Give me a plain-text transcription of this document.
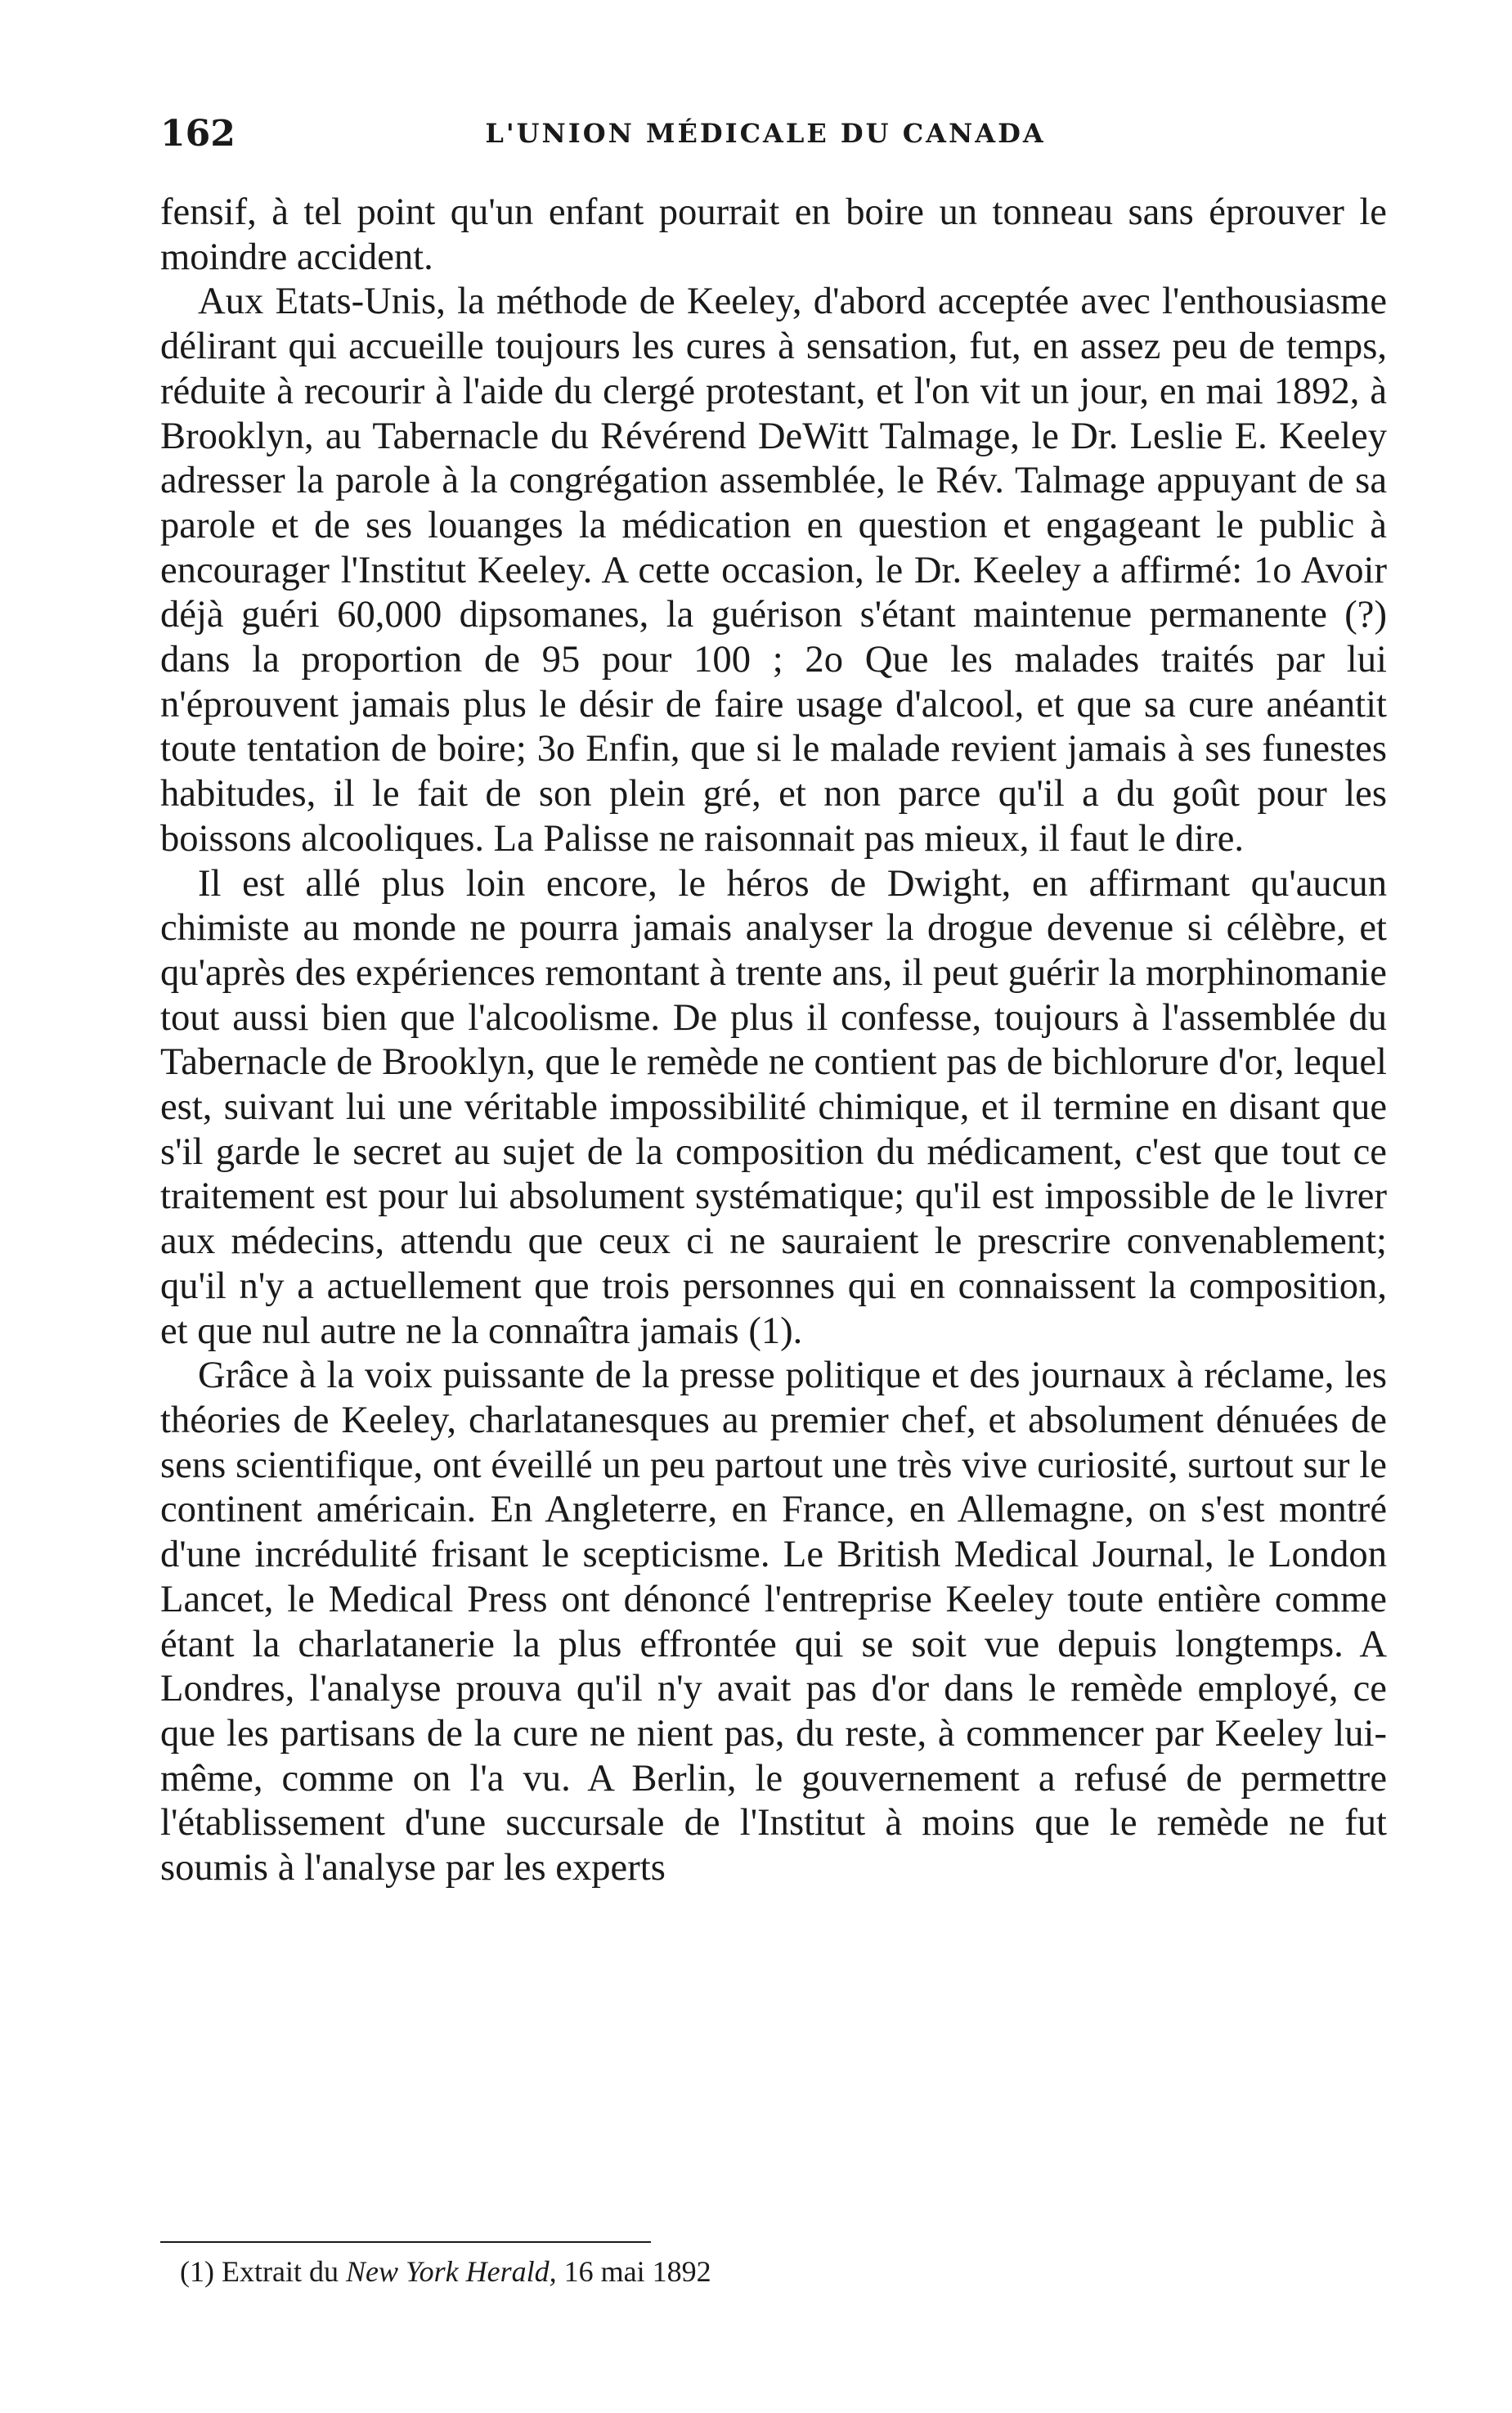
162	L'UNION MÉDICALE DU CANADA

fensif, à tel point qu'un enfant pourrait en boire un tonneau sans éprouver le moindre accident.

Aux Etats-Unis, la méthode de Keeley, d'abord acceptée avec l'enthousiasme délirant qui accueille toujours les cures à sensation, fut, en assez peu de temps, réduite à recourir à l'aide du clergé protestant, et l'on vit un jour, en mai 1892, à Brooklyn, au Tabernacle du Révérend DeWitt Talmage, le Dr. Leslie E. Keeley adresser la parole à la congrégation assemblée, le Rév. Talmage appuyant de sa parole et de ses louanges la médication en question et engageant le public à encourager l'Institut Keeley. A cette occasion, le Dr. Keeley a affirmé: 1o Avoir déjà guéri 60,000 dipsomanes, la guérison s'étant maintenue permanente (?) dans la proportion de 95 pour 100 ; 2o Que les malades traités par lui n'éprouvent jamais plus le désir de faire usage d'alcool, et que sa cure anéantit toute tentation de boire; 3o Enfin, que si le malade revient jamais à ses funestes habitudes, il le fait de son plein gré, et non parce qu'il a du goût pour les boissons alcooliques. La Palisse ne raisonnait pas mieux, il faut le dire.

Il est allé plus loin encore, le héros de Dwight, en affirmant qu'aucun chimiste au monde ne pourra jamais analyser la drogue devenue si célèbre, et qu'après des expériences remontant à trente ans, il peut guérir la morphinomanie tout aussi bien que l'alcoolisme. De plus il confesse, toujours à l'assemblée du Tabernacle de Brooklyn, que le remède ne contient pas de bichlorure d'or, lequel est, suivant lui une véritable impossibilité chimique, et il termine en disant que s'il garde le secret au sujet de la composition du médicament, c'est que tout ce traitement est pour lui absolument systématique; qu'il est impossible de le livrer aux médecins, attendu que ceux ci ne sauraient le prescrire convenablement; qu'il n'y a actuellement que trois personnes qui en connaissent la composition, et que nul autre ne la connaîtra jamais (1).

Grâce à la voix puissante de la presse politique et des journaux à réclame, les théories de Keeley, charlatanesques au premier chef, et absolument dénuées de sens scientifique, ont éveillé un peu partout une très vive curiosité, surtout sur le continent américain. En Angleterre, en France, en Allemagne, on s'est montré d'une incrédulité frisant le scepticisme. Le British Medical Journal, le London Lancet, le Medical Press ont dénoncé l'entreprise Keeley toute entière comme étant la charlatanerie la plus effrontée qui se soit vue depuis longtemps. A Londres, l'analyse prouva qu'il n'y avait pas d'or dans le remède employé, ce que les partisans de la cure ne nient pas, du reste, à commencer par Keeley lui-même, comme on l'a vu. A Berlin, le gouvernement a refusé de permettre l'établissement d'une succursale de l'Institut à moins que le remède ne fut soumis à l'analyse par les experts

(1) Extrait du New York Herald, 16 mai 1892
